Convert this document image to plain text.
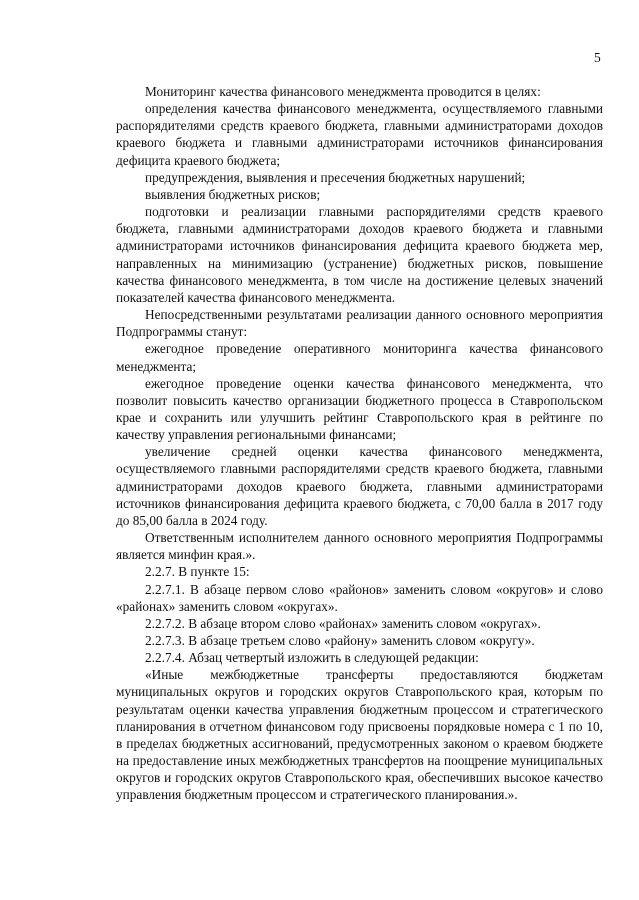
5

Мониторинг качества финансового менеджмента проводится в целях:

определения качества финансового менеджмента, осуществляемого главными распорядителями средств краевого бюджета, главными администраторами доходов краевого бюджета и главными администраторами источников финансирования дефицита краевого бюджета;

предупреждения, выявления и пресечения бюджетных нарушений;

выявления бюджетных рисков;

подготовки и реализации главными распорядителями средств краевого бюджета, главными администраторами доходов краевого бюджета и главными администраторами источников финансирования дефицита краевого бюджета мер, направленных на минимизацию (устранение) бюджетных рисков, повышение качества финансового менеджмента, в том числе на достижение целевых значений показателей качества финансового менеджмента.

Непосредственными результатами реализации данного основного мероприятия Подпрограммы станут:

ежегодное проведение оперативного мониторинга качества финансового менеджмента;

ежегодное проведение оценки качества финансового менеджмента, что позволит повысить качество организации бюджетного процесса в Ставропольском крае и сохранить или улучшить рейтинг Ставропольского края в рейтинге по качеству управления региональными финансами;

увеличение средней оценки качества финансового менеджмента, осуществляемого главными распорядителями средств краевого бюджета, главными администраторами доходов краевого бюджета, главными администраторами источников финансирования дефицита краевого бюджета, с 70,00 балла в 2017 году до 85,00 балла в 2024 году.

Ответственным исполнителем данного основного мероприятия Подпрограммы является минфин края.».

2.2.7. В пункте 15:

2.2.7.1. В абзаце первом слово «районов» заменить словом «округов» и слово «районах» заменить словом «округах».

2.2.7.2. В абзаце втором слово «районах» заменить словом «округах».

2.2.7.3. В абзаце третьем слово «району» заменить словом «округу».

2.2.7.4. Абзац четвертый изложить в следующей редакции:

«Иные межбюджетные трансферты предоставляются бюджетам муниципальных округов и городских округов Ставропольского края, которым по результатам оценки качества управления бюджетным процессом и стратегического планирования в отчетном финансовом году присвоены порядковые номера с 1 по 10, в пределах бюджетных ассигнований, предусмотренных законом о краевом бюджете на предоставление иных межбюджетных трансфертов на поощрение муниципальных округов и городских округов Ставропольского края, обеспечивших высокое качество управления бюджетным процессом и стратегического планирования.».
